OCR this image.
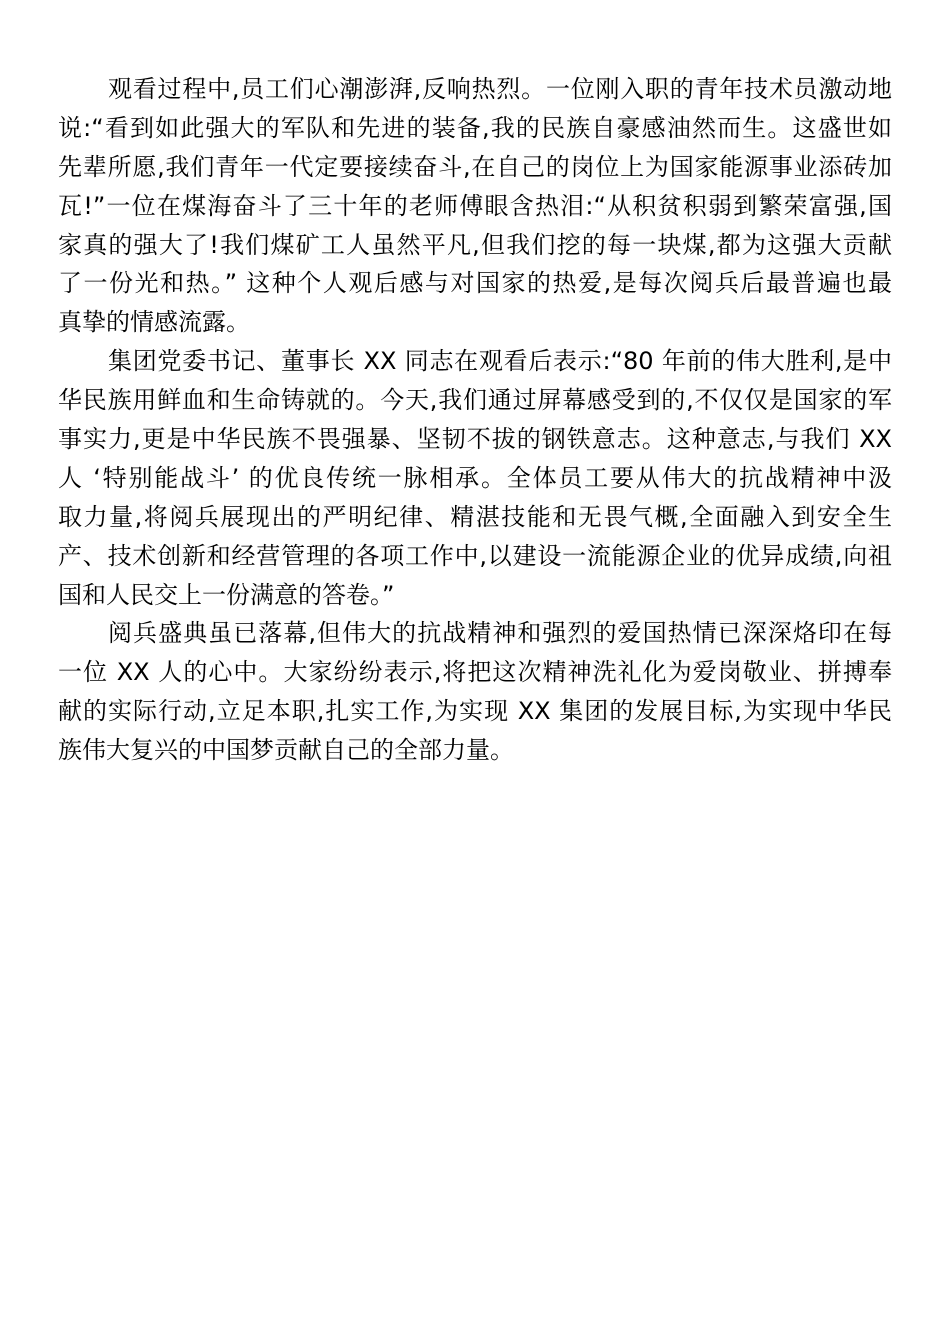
观看过程中,员工们心潮澎湃,反响热烈。一位刚入职的青年技术员激动地
说:“看到如此强大的军队和先进的装备,我的民族自豪感油然而生。这盛世如
先辈所愿,我们青年一代定要接续奋斗,在自己的岗位上为国家能源事业添砖加
瓦!”一位在煤海奋斗了三十年的老师傅眼含热泪:“从积贫积弱到繁荣富强,国
家真的强大了!我们煤矿工人虽然平凡,但我们挖的每一块煤,都为这强大贡献
了一份光和热。” 这种个人观后感与对国家的热爱,是每次阅兵后最普遍也最
真挚的情感流露。
集团党委书记、董事长 XX 同志在观看后表示:“80 年前的伟大胜利,是中
华民族用鲜血和生命铸就的。今天,我们通过屏幕感受到的,不仅仅是国家的军
事实力,更是中华民族不畏强暴、坚韧不拔的钢铁意志。这种意志,与我们 XX
人 ‘特别能战斗’ 的优良传统一脉相承。全体员工要从伟大的抗战精神中汲
取力量,将阅兵展现出的严明纪律、精湛技能和无畏气概,全面融入到安全生
产、技术创新和经营管理的各项工作中,以建设一流能源企业的优异成绩,向祖
国和人民交上一份满意的答卷。”
阅兵盛典虽已落幕,但伟大的抗战精神和强烈的爱国热情已深深烙印在每
一位 XX 人的心中。大家纷纷表示,将把这次精神洗礼化为爱岗敬业、拼搏奉
献的实际行动,立足本职,扎实工作,为实现 XX 集团的发展目标,为实现中华民
族伟大复兴的中国梦贡献自己的全部力量。
